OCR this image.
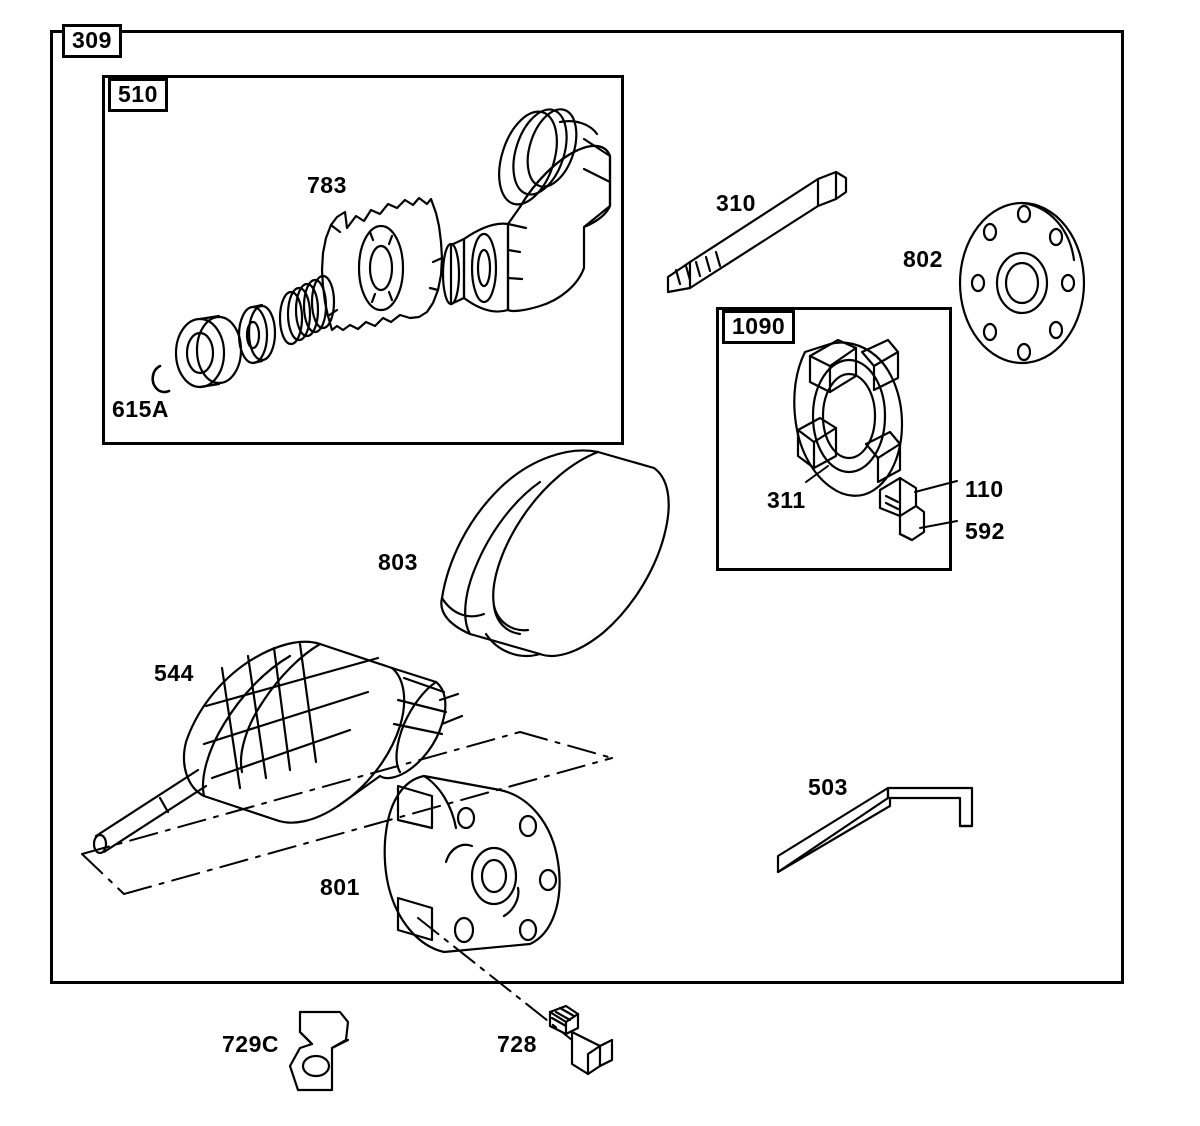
309
510
783
615A
310
802
1090
311	110
592
803
544
503
801
729C	728
